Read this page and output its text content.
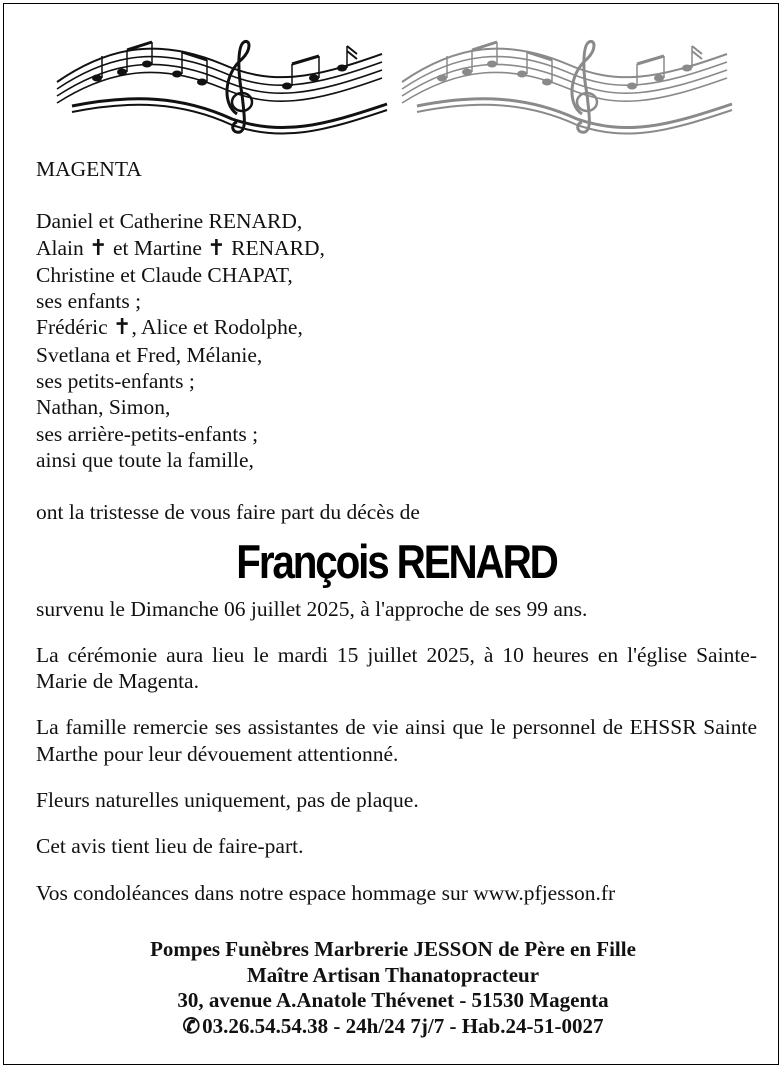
MAGENTA
Daniel et Catherine RENARD,
Alain ✝ et Martine ✝ RENARD,
Christine et Claude CHAPAT,
ses enfants ;
Frédéric ✝, Alice et Rodolphe,
Svetlana et Fred, Mélanie,
ses petits-enfants ;
Nathan, Simon,
ses arrière-petits-enfants ;
ainsi que toute la famille,
ont la tristesse de vous faire part du décès de
François RENARD
survenu le Dimanche 06 juillet 2025, à l'approche de ses 99 ans.
La cérémonie aura lieu le mardi 15 juillet 2025, à 10 heures en l'église Sainte-Marie de Magenta.
La famille remercie ses assistantes de vie ainsi que le personnel de EHSSR Sainte Marthe pour leur dévouement attentionné.
Fleurs naturelles uniquement, pas de plaque.
Cet avis tient lieu de faire-part.
Vos condoléances dans notre espace hommage sur www.pfjesson.fr
Pompes Funèbres Marbrerie JESSON de Père en Fille
Maître Artisan Thanatopracteur
30, avenue A.Anatole Thévenet - 51530 Magenta
✆03.26.54.54.38 - 24h/24 7j/7 - Hab.24-51-0027
